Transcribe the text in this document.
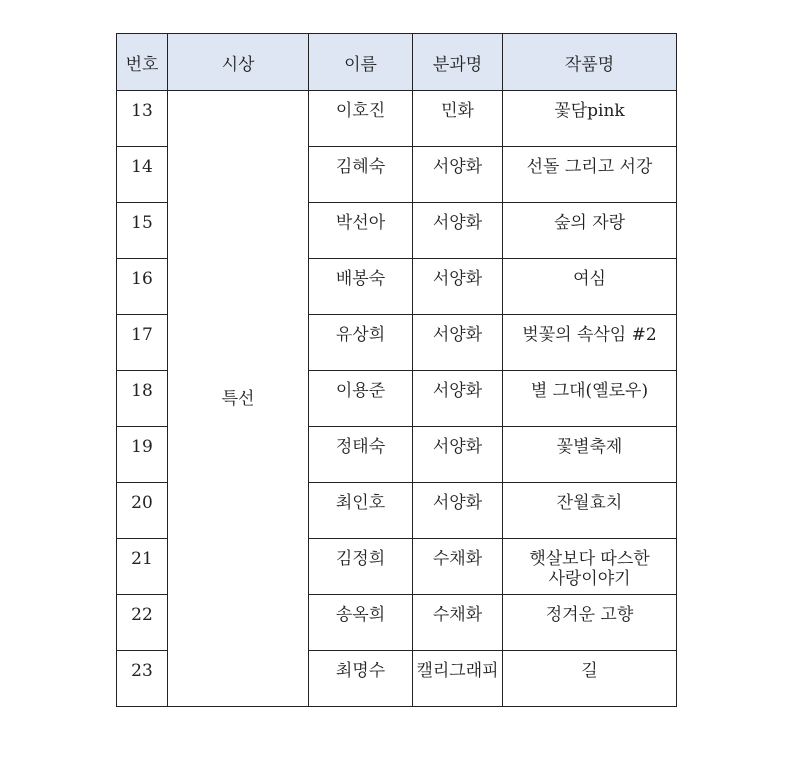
번호	시상	이름	분과명	작품명
13	특선	이호진	민화	꽃담pink

14		김혜숙	서양화	선돌 그리고 서강

15		박선아	서양화	숲의 자랑

16		배봉숙	서양화	여심

17		유상희	서양화	벚꽃의 속삭임 #2

18		이용준	서양화	별 그대(옐로우)

19		정태숙	서양화	꽃별축제

20		최인호	서양화	잔월효치

21		김정희	수채화	햇살보다 따스한
사랑이야기

22		송옥희	수채화	정겨운 고향

23		최명수	캘리그래피	길
